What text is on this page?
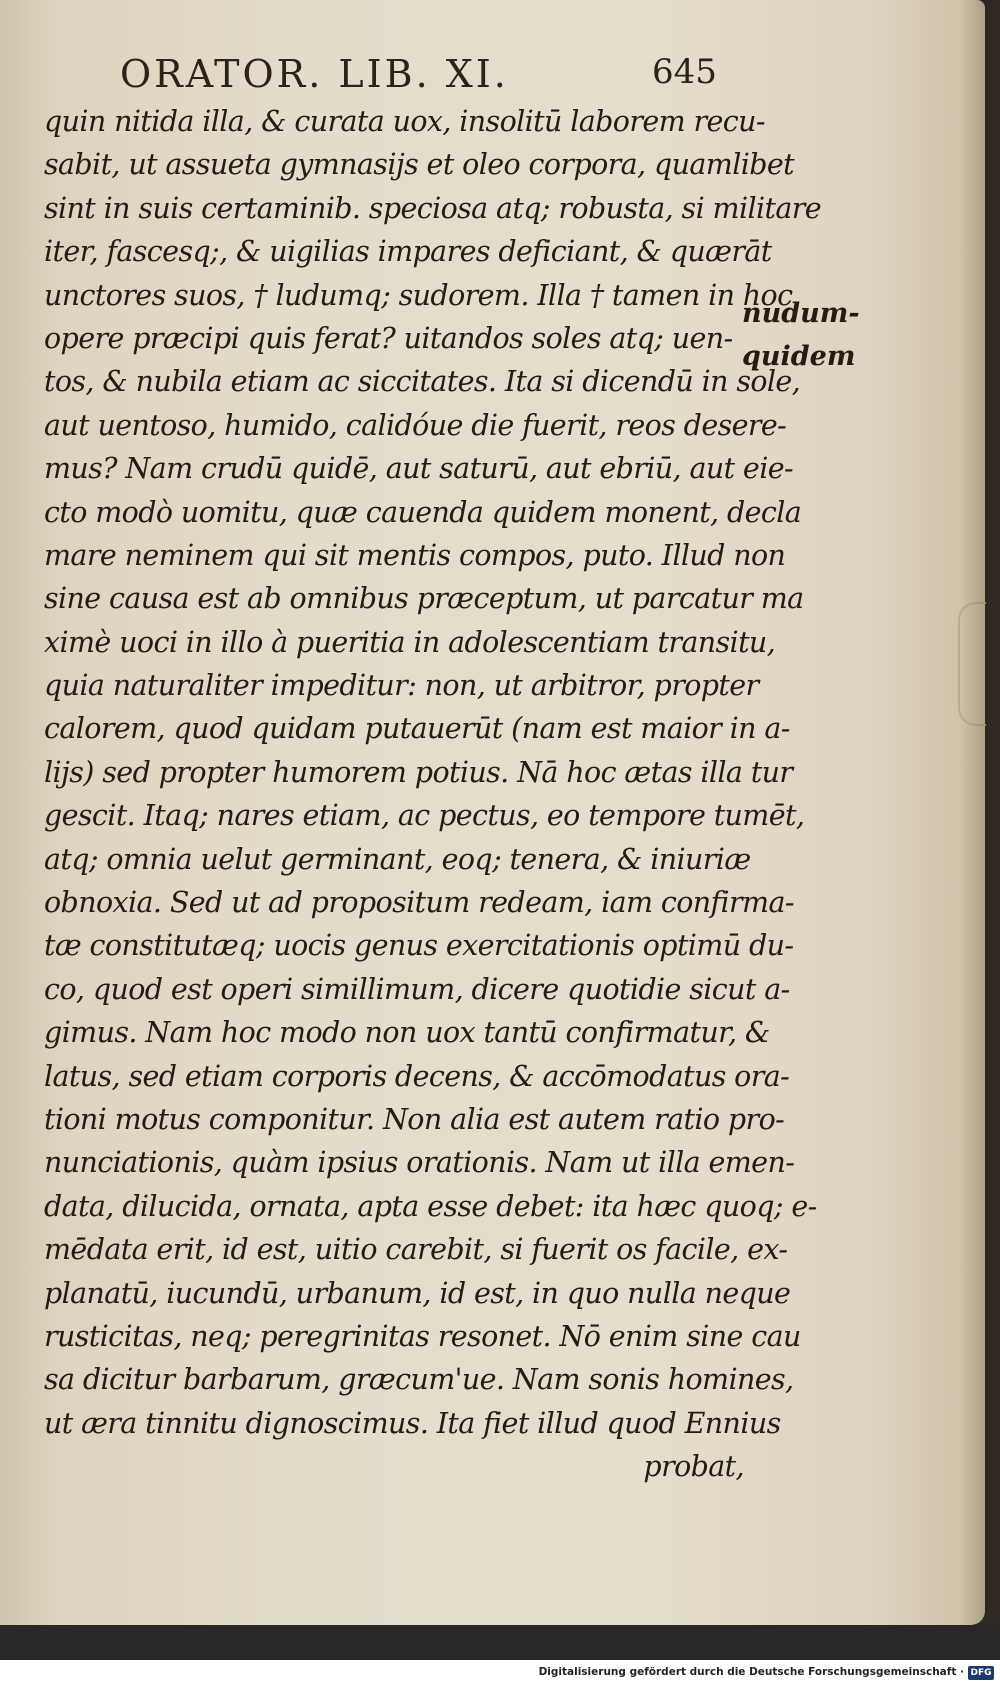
ORATOR. LIB. XI.	645
quin nitida illa, & curata uox, insolitū laborem recu-
sabit, ut assueta gymnasijs et oleo corpora, quamlibet
sint in suis certaminib. speciosa atq; robusta, si militare
iter, fascesq;, & uigilias impares deficiant, & quærāt
unctores suos, † ludumq; sudorem. Illa † tamen in hoc
opere præcipi quis ferat? uitandos soles atq; uen-
tos, & nubila etiam ac siccitates. Ita si dicendū in sole,
aut uentoso, humido, calidóue die fuerit, reos desere-
mus? Nam crudū quidē, aut saturū, aut ebriū, aut eie-
cto modò uomitu, quæ cauenda quidem monent, decla
mare neminem qui sit mentis compos, puto. Illud non
sine causa est ab omnibus præceptum, ut parcatur ma
ximè uoci in illo à pueritia in adolescentiam transitu,
quia naturaliter impeditur: non, ut arbitror, propter
calorem, quod quidam putauerūt (nam est maior in a-
lijs) sed propter humorem potius. Nā hoc ætas illa tur
gescit. Itaq; nares etiam, ac pectus, eo tempore tumēt,
atq; omnia uelut germinant, eoq; tenera, & iniuriæ
obnoxia. Sed ut ad propositum redeam, iam confirma-
tæ constitutæq; uocis genus exercitationis optimū du-
co, quod est operi simillimum, dicere quotidie sicut a-
gimus. Nam hoc modo non uox tantū confirmatur, &
latus, sed etiam corporis decens, & accōmodatus ora-
tioni motus componitur. Non alia est autem ratio pro-
nunciationis, quàm ipsius orationis. Nam ut illa emen-
data, dilucida, ornata, apta esse debet: ita hæc quoq; e-
mēdata erit, id est, uitio carebit, si fuerit os facile, ex-
planatū, iucundū, urbanum, id est, in quo nulla neque
rusticitas, neq; peregrinitas resonet. Nō enim sine cau
sa dicitur barbarum, græcum'ue. Nam sonis homines,
ut æra tinnitu dignoscimus. Ita fiet illud quod Ennius
probat,
nudum-
quidem
Digitalisierung gefördert durch die Deutsche Forschungsgemeinschaft · DFG
